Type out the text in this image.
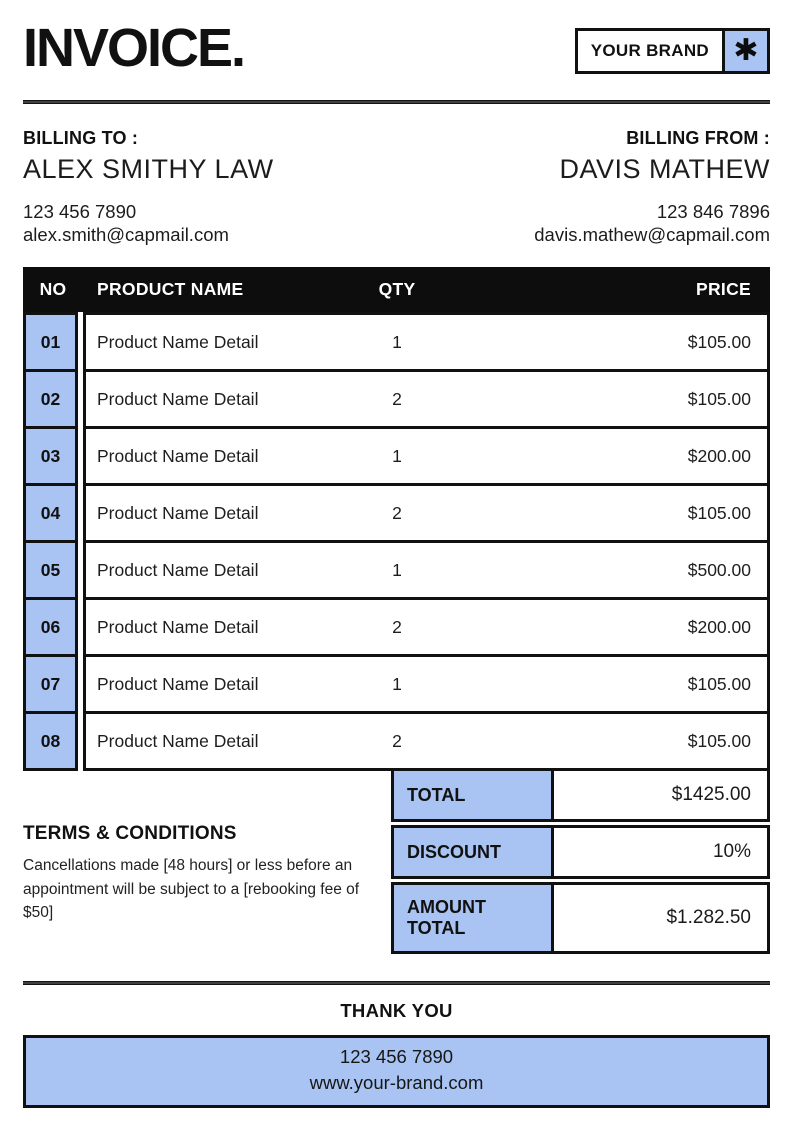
INVOICE.	YOUR BRAND ✱
BILLING TO :
ALEX SMITHY LAW
123 456 7890
alex.smith@capmail.com
BILLING FROM :
DAVIS MATHEW
123 846 7896
davis.mathew@capmail.com
NO	PRODUCT NAME	QTY	PRICE
01	Product Name Detail	1	$105.00
02	Product Name Detail	2	$105.00
03	Product Name Detail	1	$200.00
04	Product Name Detail	2	$105.00
05	Product Name Detail	1	$500.00
06	Product Name Detail	2	$200.00
07	Product Name Detail	1	$105.00
08	Product Name Detail	2	$105.00
TERMS & CONDITIONS
Cancellations made [48 hours] or less before an appointment will be subject to a [rebooking fee of $50]
TOTAL	$1425.00
DISCOUNT	10%
AMOUNT TOTAL	$1.282.50
THANK YOU
123 456 7890
www.your-brand.com
